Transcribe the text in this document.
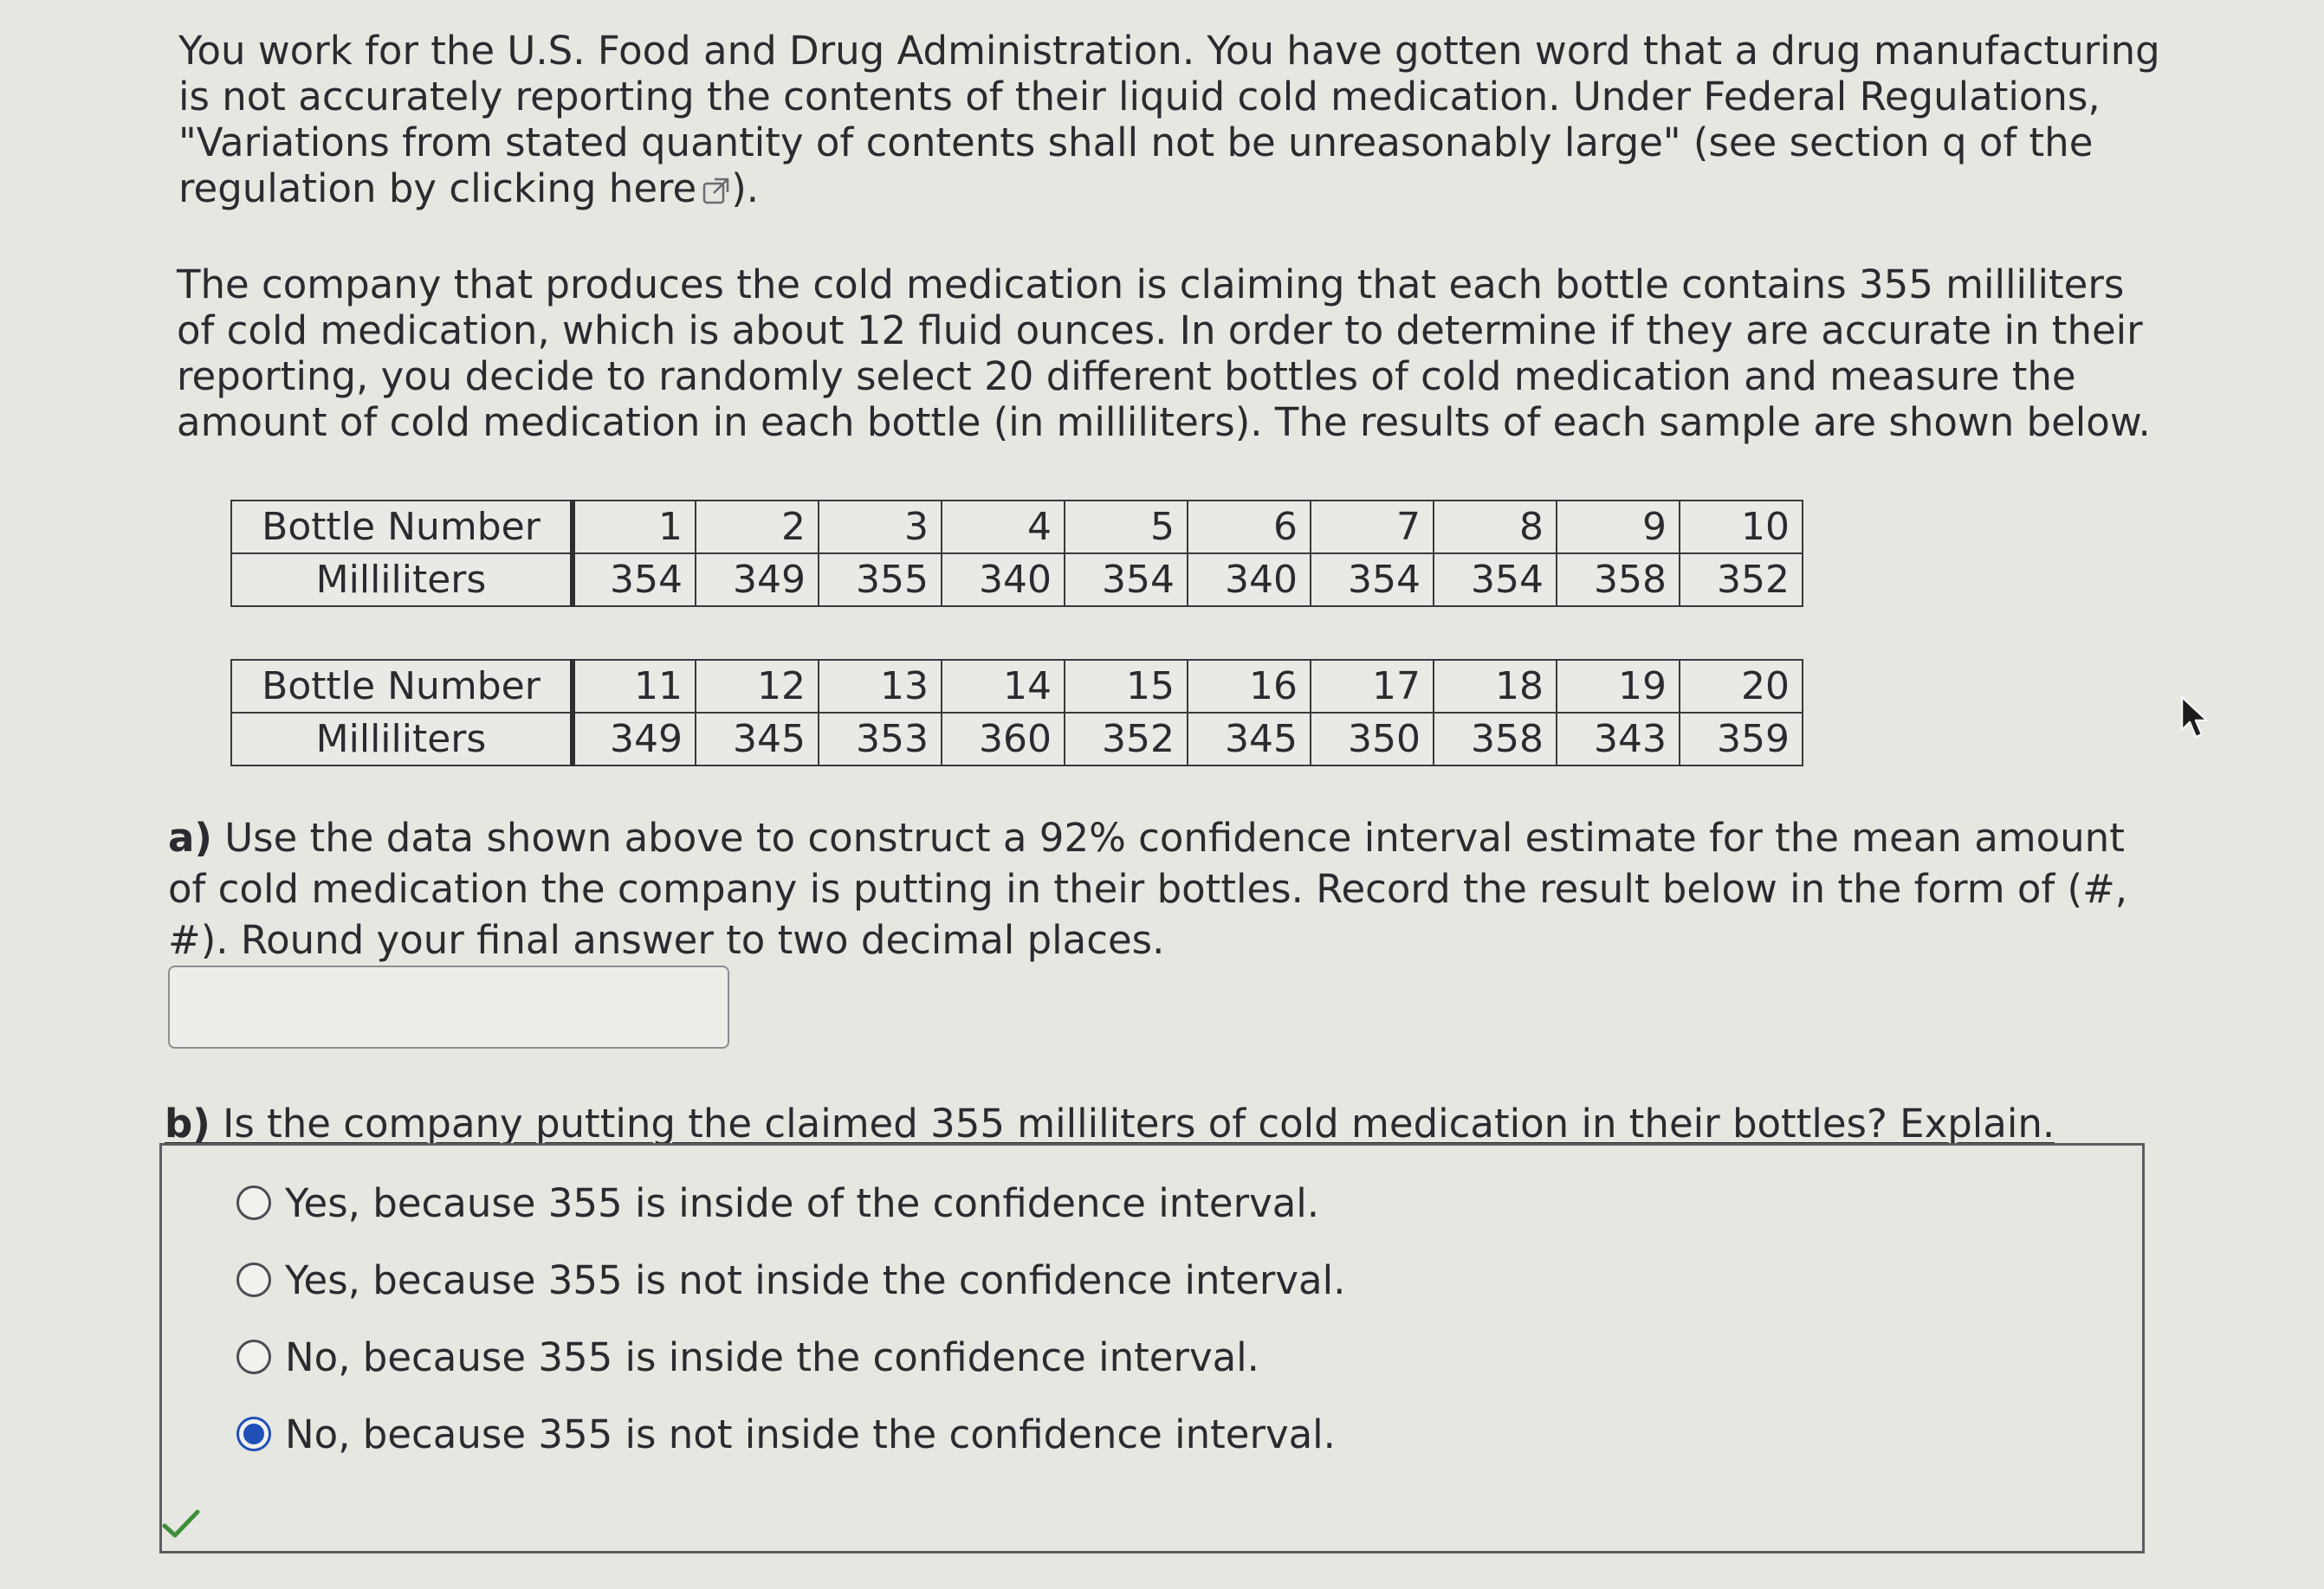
You work for the U.S. Food and Drug Administration. You have gotten word that a drug manufacturing is not accurately reporting the contents of their liquid cold medication. Under Federal Regulations, "Variations from stated quantity of contents shall not be unreasonably large" (see section q of the regulation by clicking here ).

The company that produces the cold medication is claiming that each bottle contains 355 milliliters of cold medication, which is about 12 fluid ounces. In order to determine if they are accurate in their reporting, you decide to randomly select 20 different bottles of cold medication and measure the amount of cold medication in each bottle (in milliliters). The results of each sample are shown below.

Bottle Number	1	2	3	4	5	6	7	8	9	10
Milliliters	354	349	355	340	354	340	354	354	358	352
Bottle Number	11	12	13	14	15	16	17	18	19	20
Milliliters	349	345	353	360	352	345	350	358	343	359

a) Use the data shown above to construct a 92% confidence interval estimate for the mean amount of cold medication the company is putting in their bottles. Record the result below in the form of (#, #). Round your final answer to two decimal places.

b) Is the company putting the claimed 355 milliliters of cold medication in their bottles? Explain.

Yes, because 355 is inside of the confidence interval.
Yes, because 355 is not inside the confidence interval.
No, because 355 is inside the confidence interval.
No, because 355 is not inside the confidence interval.
